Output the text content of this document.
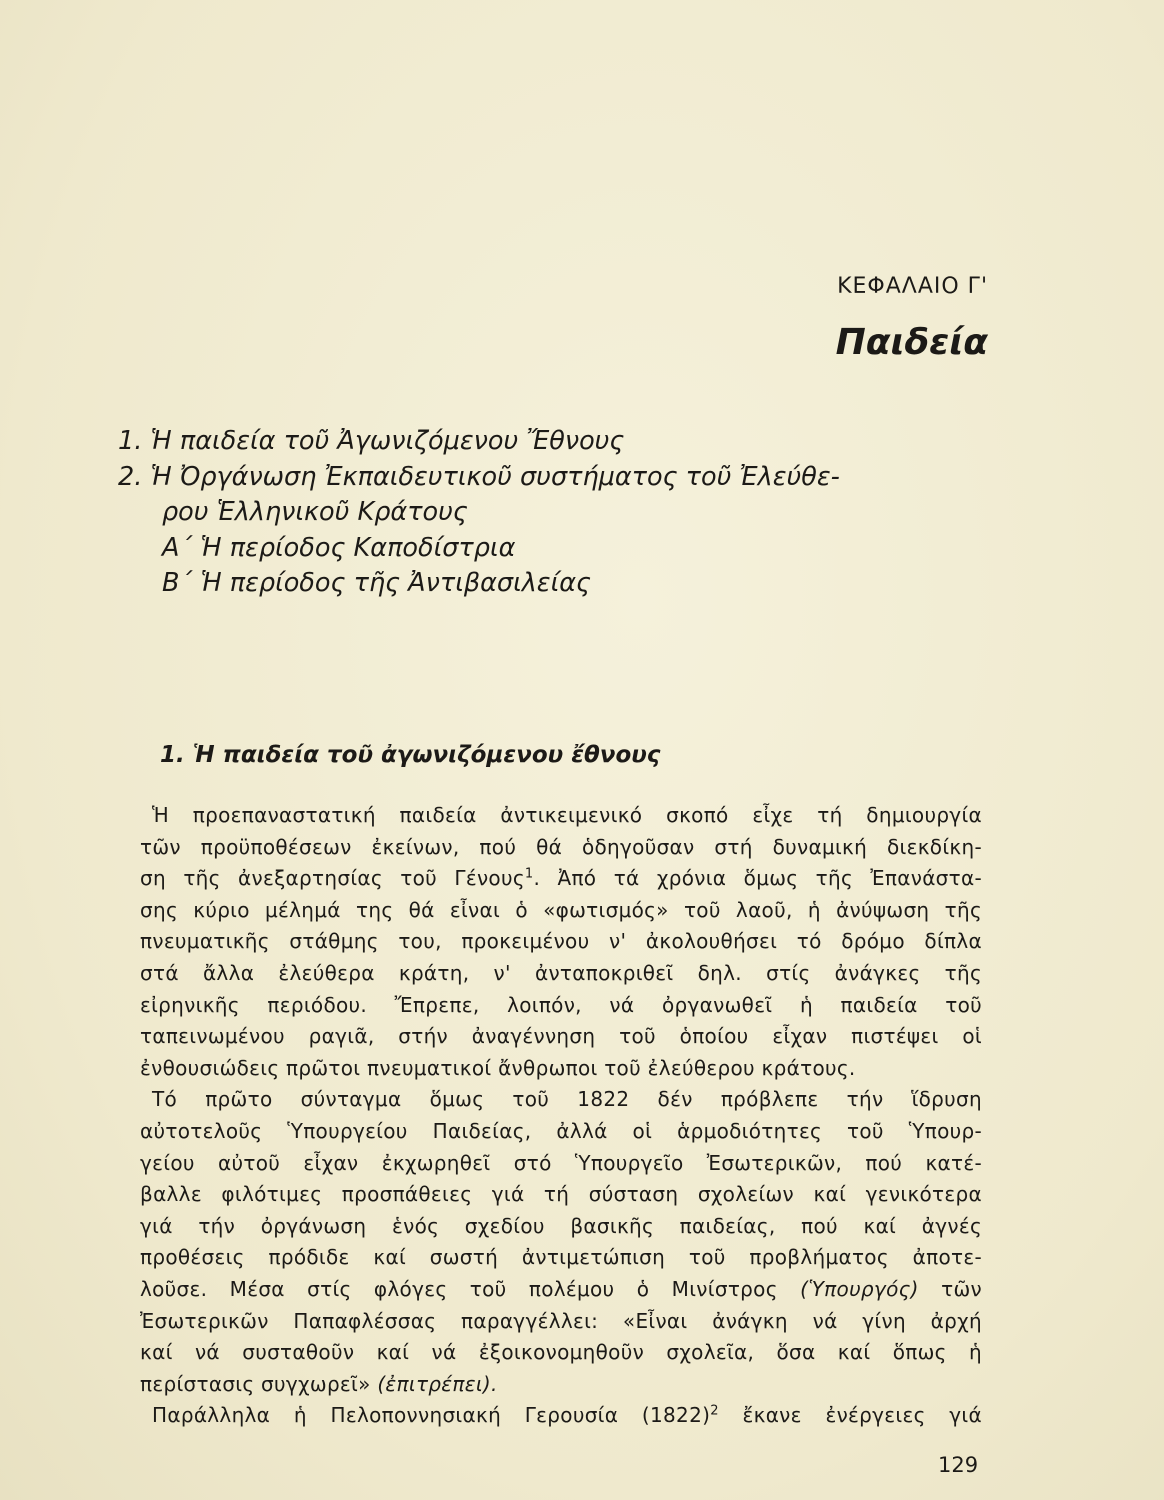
ΚΕΦΑΛΑΙΟ Γ'
Παιδεία
1. Ἡ παιδεία τοῦ Ἀγωνιζόμενου Ἔθνους
2. Ἡ Ὀργάνωση Ἐκπαιδευτικοῦ συστήματος τοῦ Ἐλεύθε-
ρου Ἑλληνικοῦ Κράτους
Α΄ Ἡ περίοδος Καποδίστρια
Β΄ Ἡ περίοδος τῆς Ἀντιβασιλείας
1. Ἡ παιδεία τοῦ ἀγωνιζόμενου ἔθνους
Ἡ προεπαναστατική παιδεία ἀντικειμενικό σκοπό εἶχε τή δημιουργία
τῶν προϋποθέσεων ἐκείνων, πού θά ὁδηγοῦσαν στή δυναμική διεκδίκη-
ση τῆς ἀνεξαρτησίας τοῦ Γένους$^1$. Ἀπό τά χρόνια ὅμως τῆς Ἐπανάστα-
σης κύριο μέλημά της θά εἶναι ὁ «φωτισμός» τοῦ λαοῦ, ἡ ἀνύψωση τῆς
πνευματικῆς στάθμης του, προκειμένου ν' ἀκολουθήσει τό δρόμο δίπλα
στά ἄλλα ἐλεύθερα κράτη, ν' ἀνταποκριθεῖ δηλ. στίς ἀνάγκες τῆς
εἰρηνικῆς περιόδου. Ἔπρεπε, λοιπόν, νά ὀργανωθεῖ ἡ παιδεία τοῦ
ταπεινωμένου ραγιᾶ, στήν ἀναγέννηση τοῦ ὁποίου εἶχαν πιστέψει οἱ
ἐνθουσιώδεις πρῶτοι πνευματικοί ἄνθρωποι τοῦ ἐλεύθερου κράτους.
Τό πρῶτο σύνταγμα ὅμως τοῦ 1822 δέν πρόβλεπε τήν ἵδρυση
αὐτοτελοῦς Ὑπουργείου Παιδείας, ἀλλά οἱ ἁρμοδιότητες τοῦ Ὑπουρ-
γείου αὐτοῦ εἶχαν ἐκχωρηθεῖ στό Ὑπουργεῖο Ἐσωτερικῶν, πού κατέ-
βαλλε φιλότιμες προσπάθειες γιά τή σύσταση σχολείων καί γενικότερα
γιά τήν ὀργάνωση ἑνός σχεδίου βασικῆς παιδείας, πού καί ἀγνές
προθέσεις πρόδιδε καί σωστή ἀντιμετώπιση τοῦ προβλήματος ἀποτε-
λοῦσε. Μέσα στίς φλόγες τοῦ πολέμου ὁ Μινίστρος (Ὑπουργός) τῶν
Ἐσωτερικῶν Παπαφλέσσας παραγγέλλει: «Εἶναι ἀνάγκη νά γίνη ἀρχή
καί νά συσταθοῦν καί νά ἐξοικονομηθοῦν σχολεῖα, ὅσα καί ὅπως ἡ
περίστασις συγχωρεῖ» (ἐπιτρέπει).
Παράλληλα ἡ Πελοποννησιακή Γερουσία $(1822)^2$ ἔκανε ἐνέργειες γιά
129
